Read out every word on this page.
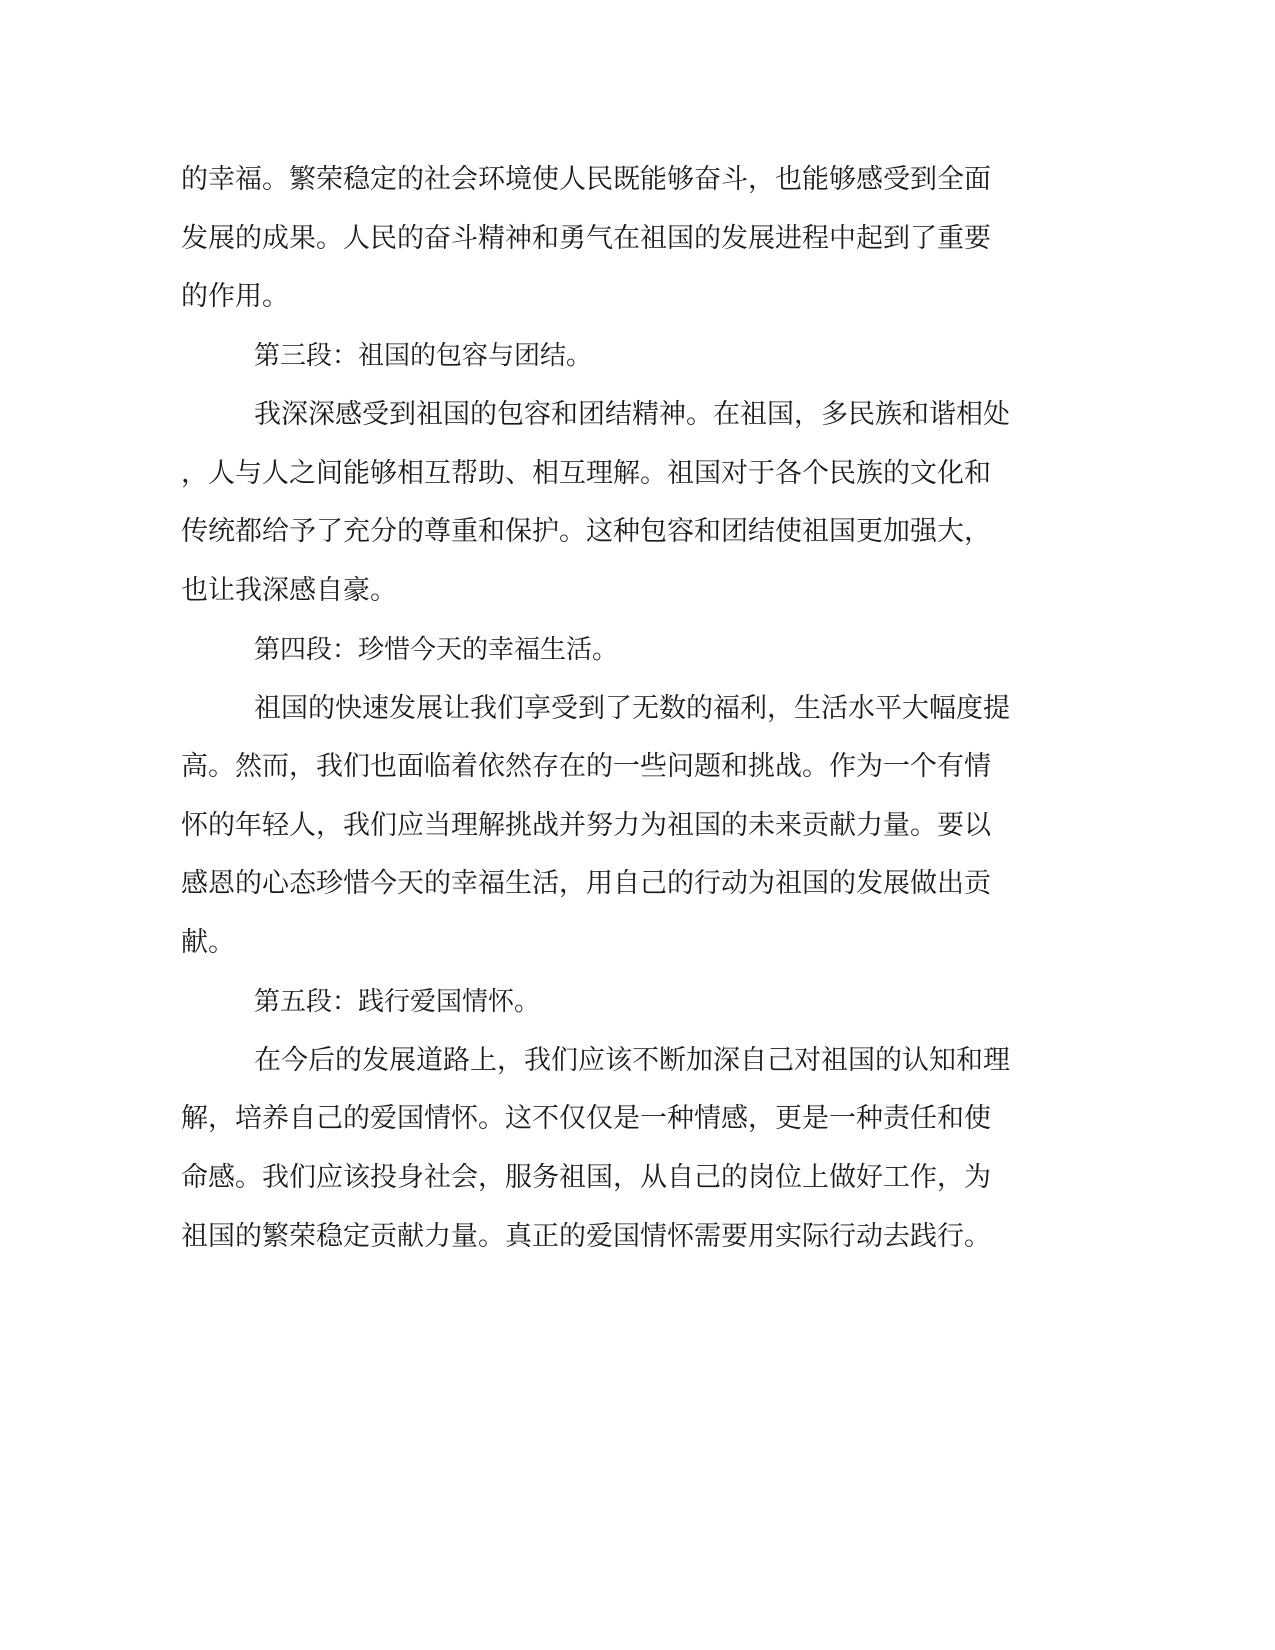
的幸福。繁荣稳定的社会环境使人民既能够奋斗，也能够感受到全面
发展的成果。人民的奋斗精神和勇气在祖国的发展进程中起到了重要
的作用。
第三段：祖国的包容与团结。
我深深感受到祖国的包容和团结精神。在祖国，多民族和谐相处
，人与人之间能够相互帮助、相互理解。祖国对于各个民族的文化和
传统都给予了充分的尊重和保护。这种包容和团结使祖国更加强大，
也让我深感自豪。
第四段：珍惜今天的幸福生活。
祖国的快速发展让我们享受到了无数的福利，生活水平大幅度提
高。然而，我们也面临着依然存在的一些问题和挑战。作为一个有情
怀的年轻人，我们应当理解挑战并努力为祖国的未来贡献力量。要以
感恩的心态珍惜今天的幸福生活，用自己的行动为祖国的发展做出贡
献。
第五段：践行爱国情怀。
在今后的发展道路上，我们应该不断加深自己对祖国的认知和理
解，培养自己的爱国情怀。这不仅仅是一种情感，更是一种责任和使
命感。我们应该投身社会，服务祖国，从自己的岗位上做好工作，为
祖国的繁荣稳定贡献力量。真正的爱国情怀需要用实际行动去践行。
